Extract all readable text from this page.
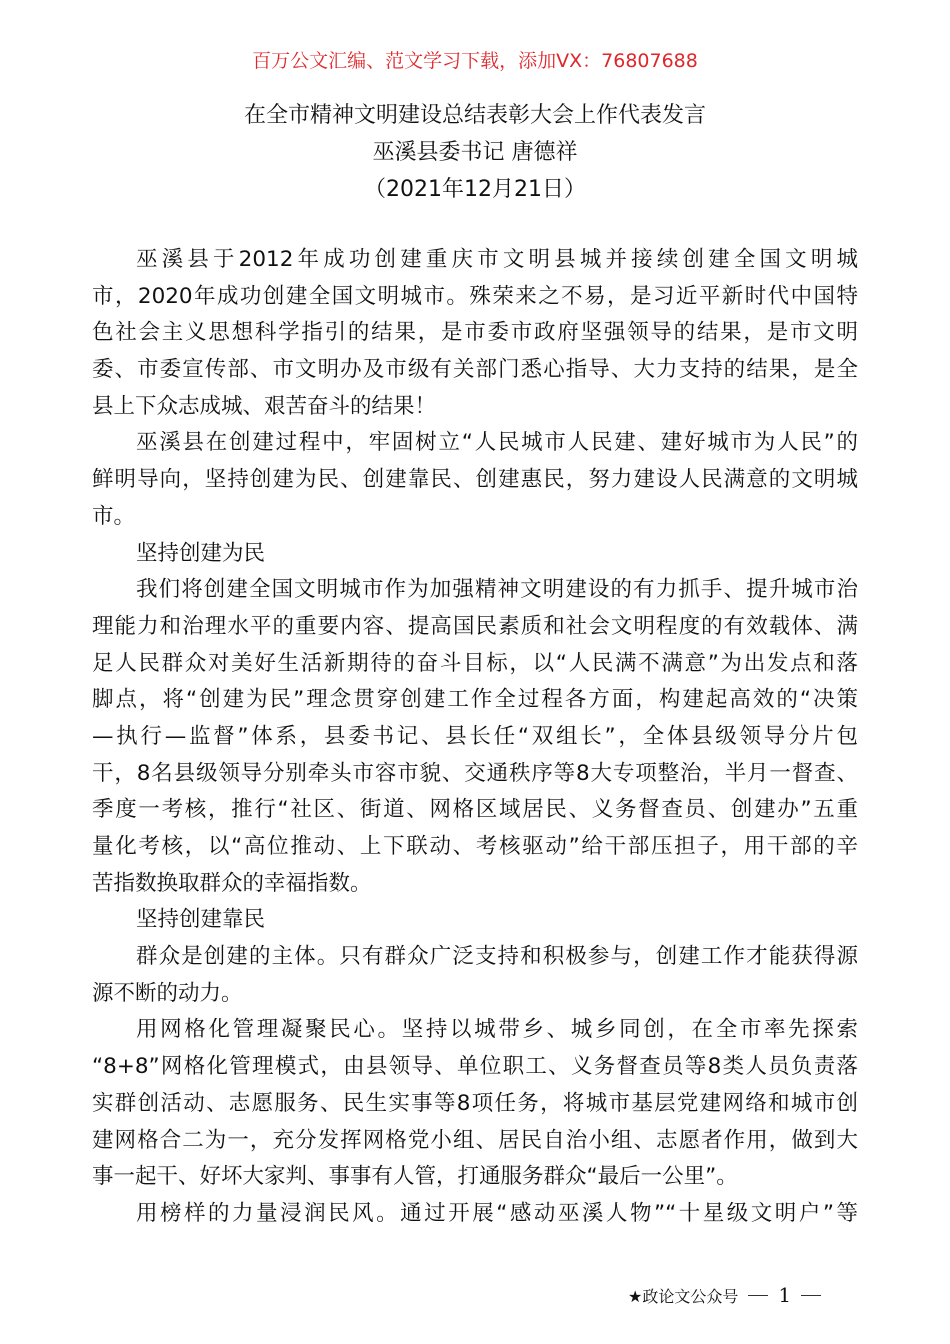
百万公文汇编、范文学习下载，添加VX：76807688
在全市精神文明建设总结表彰大会上作代表发言
巫溪县委书记 唐德祥
（2021年12月21日）
巫溪县于2012年成功创建重庆市文明县城并接续创建全国文明城
市，2020年成功创建全国文明城市。殊荣来之不易，是习近平新时代中国特
色社会主义思想科学指引的结果，是市委市政府坚强领导的结果，是市文明
委、市委宣传部、市文明办及市级有关部门悉心指导、大力支持的结果，是全
县上下众志成城、艰苦奋斗的结果！
巫溪县在创建过程中，牢固树立“人民城市人民建、建好城市为人民”的
鲜明导向，坚持创建为民、创建靠民、创建惠民，努力建设人民满意的文明城
市。
坚持创建为民
我们将创建全国文明城市作为加强精神文明建设的有力抓手、提升城市治
理能力和治理水平的重要内容、提高国民素质和社会文明程度的有效载体、满
足人民群众对美好生活新期待的奋斗目标，以“人民满不满意”为出发点和落
脚点，将“创建为民”理念贯穿创建工作全过程各方面，构建起高效的“决策
—执行—监督”体系，县委书记、县长任“双组长”，全体县级领导分片包
干，8名县级领导分别牵头市容市貌、交通秩序等8大专项整治，半月一督查、
季度一考核，推行“社区、街道、网格区域居民、义务督查员、创建办”五重
量化考核，以“高位推动、上下联动、考核驱动”给干部压担子，用干部的辛
苦指数换取群众的幸福指数。
坚持创建靠民
群众是创建的主体。只有群众广泛支持和积极参与，创建工作才能获得源
源不断的动力。
用网格化管理凝聚民心。坚持以城带乡、城乡同创，在全市率先探索
“8+8”网格化管理模式，由县领导、单位职工、义务督查员等8类人员负责落
实群创活动、志愿服务、民生实事等8项任务，将城市基层党建网络和城市创
建网格合二为一，充分发挥网格党小组、居民自治小组、志愿者作用，做到大
事一起干、好坏大家判、事事有人管，打通服务群众“最后一公里”。
用榜样的力量浸润民风。通过开展“感动巫溪人物”“十星级文明户”等
★政论文公众号 1
